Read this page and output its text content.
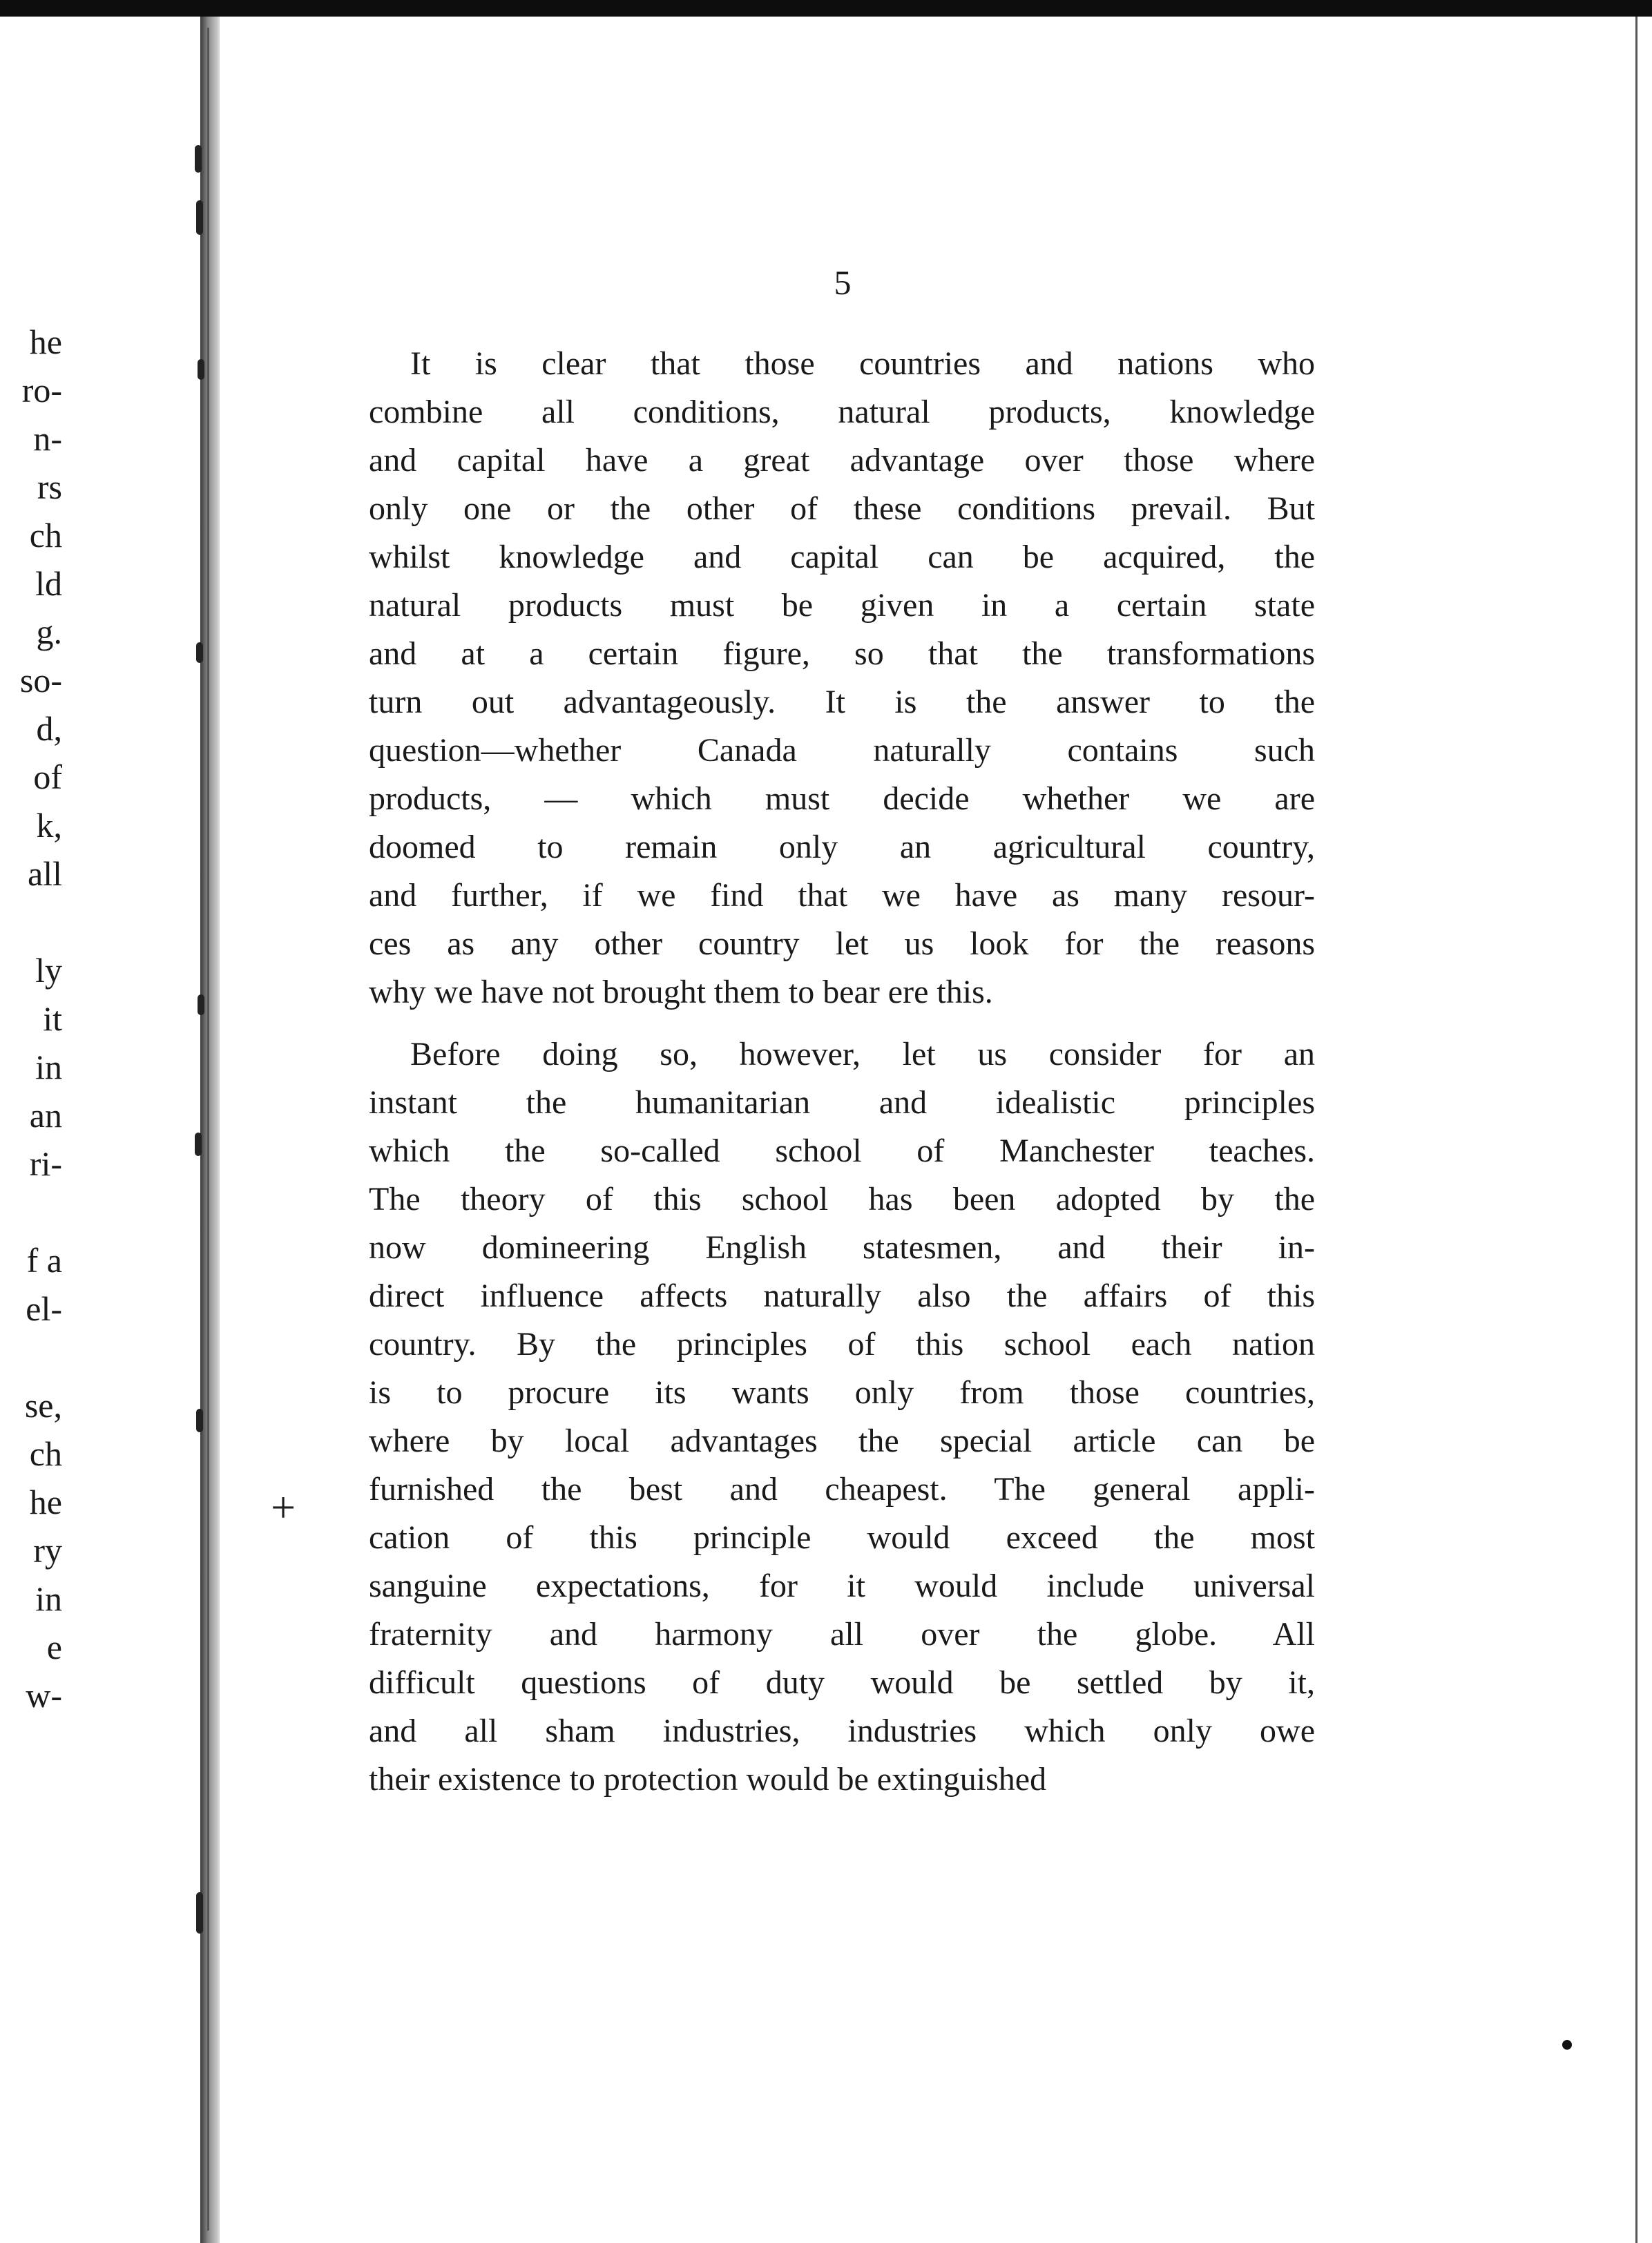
he
ro-
n-
rs
ch
ld
g.
so-
d,
of
k,
all
ly
it
in
an
ri-
f a
el-
se,
ch
he
ry
in
e
w-
5
It is clear that those countries and nations who
combine all conditions, natural products, knowledge
and capital have a great advantage over those where
only one or the other of these conditions prevail. But
whilst knowledge and capital can be acquired, the
natural products must be given in a certain state
and at a certain figure, so that the transformations
turn out advantageously. It is the answer to the
question—whether Canada naturally contains such
products, — which must decide whether we are
doomed to remain only an agricultural country,
and further, if we find that we have as many resour-
ces as any other country let us look for the reasons
why we have not brought them to bear ere this.
Before doing so, however, let us consider for an
instant the humanitarian and idealistic principles
which the so-called school of Manchester teaches.
The theory of this school has been adopted by the
now domineering English statesmen, and their in-
direct influence affects naturally also the affairs of this
country. By the principles of this school each nation
is to procure its wants only from those countries,
where by local advantages the special article can be
furnished the best and cheapest. The general appli-
cation of this principle would exceed the most
sanguine expectations, for it would include universal
fraternity and harmony all over the globe. All
difficult questions of duty would be settled by it,
and all sham industries, industries which only owe
their existence to protection would be extinguished
+
